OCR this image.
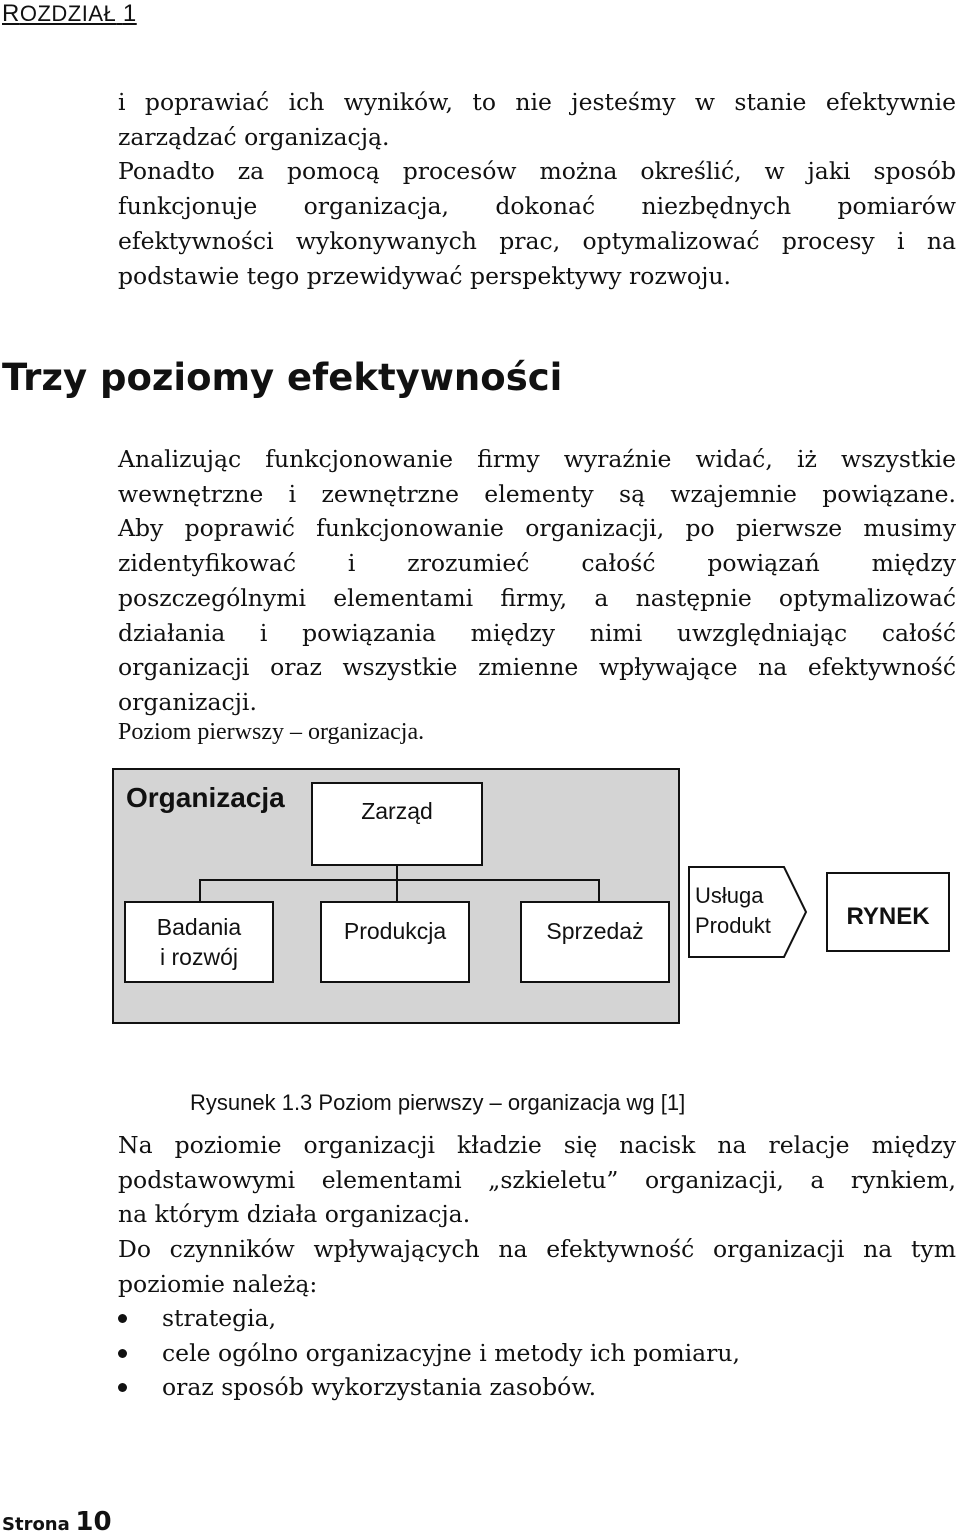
ROZDZIAŁ 1
i poprawiać ich wyników, to nie jesteśmy w stanie efektywnie
zarządzać organizacją.
Ponadto za pomocą procesów można określić, w jaki sposób
funkcjonuje organizacja, dokonać niezbędnych pomiarów
efektywności wykonywanych prac, optymalizować procesy i na
podstawie tego przewidywać perspektywy rozwoju.
Trzy poziomy efektywności
Analizując funkcjonowanie firmy wyraźnie widać, iż wszystkie
wewnętrzne i zewnętrzne elementy są wzajemnie powiązane.
Aby poprawić funkcjonowanie organizacji, po pierwsze musimy
zidentyfikować i zrozumieć całość powiązań między
poszczególnymi elementami firmy, a następnie optymalizować
działania i powiązania między nimi uwzględniając całość
organizacji oraz wszystkie zmienne wpływające na efektywność
organizacji.
Poziom pierwszy – organizacja.
Organizacja	Zarząd
Badania
i rozwój
Produkcja	Sprzedaż
Usługa
Produkt	RYNEK
Rysunek 1.3 Poziom pierwszy – organizacja wg [1]
Na poziomie organizacji kładzie się nacisk na relacje między
podstawowymi elementami „szkieletu” organizacji, a rynkiem,
na którym działa organizacja.
Do czynników wpływających na efektywność organizacji na tym
poziomie należą:
strategia,
cele ogólno organizacyjne i metody ich pomiaru,
oraz sposób wykorzystania zasobów.
Strona 10
